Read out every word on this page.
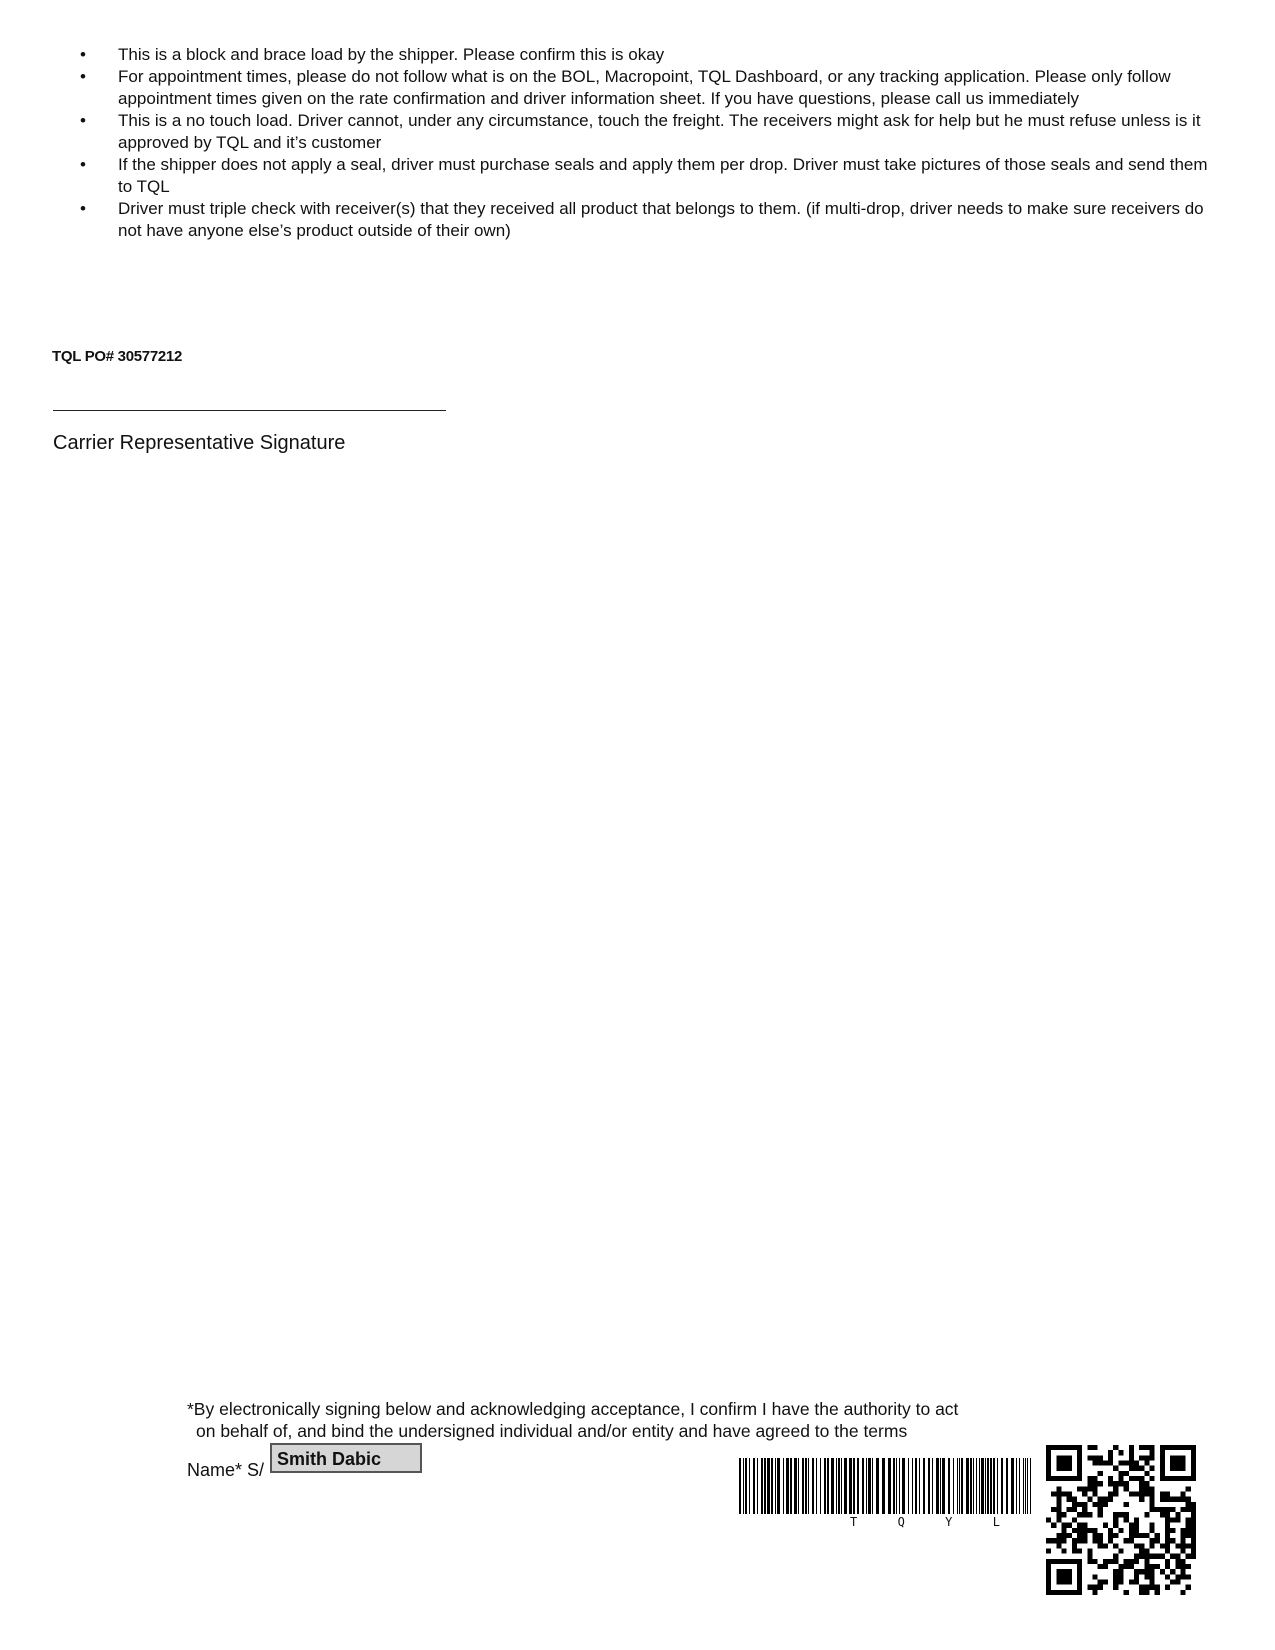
• This is a block and brace load by the shipper. Please confirm this is okay
• For appointment times, please do not follow what is on the BOL, Macropoint, TQL Dashboard, or any tracking application. Please only follow appointment times given on the rate confirmation and driver information sheet. If you have questions, please call us immediately
• This is a no touch load. Driver cannot, under any circumstance, touch the freight. The receivers might ask for help but he must refuse unless is it approved by TQL and it’s customer
• If the shipper does not apply a seal, driver must purchase seals and apply them per drop. Driver must take pictures of those seals and send them to TQL
• Driver must triple check with receiver(s) that they received all product that belongs to them. (if multi-drop, driver needs to make sure receivers do not have anyone else’s product outside of their own)
TQL PO# 30577212
Carrier Representative Signature
*By electronically signing below and acknowledging acceptance, I confirm I have the authority to act
on behalf of, and bind the undersigned individual and/or entity and have agreed to the terms
Name* S/
Smith Dabic
T	Q	Y	L
